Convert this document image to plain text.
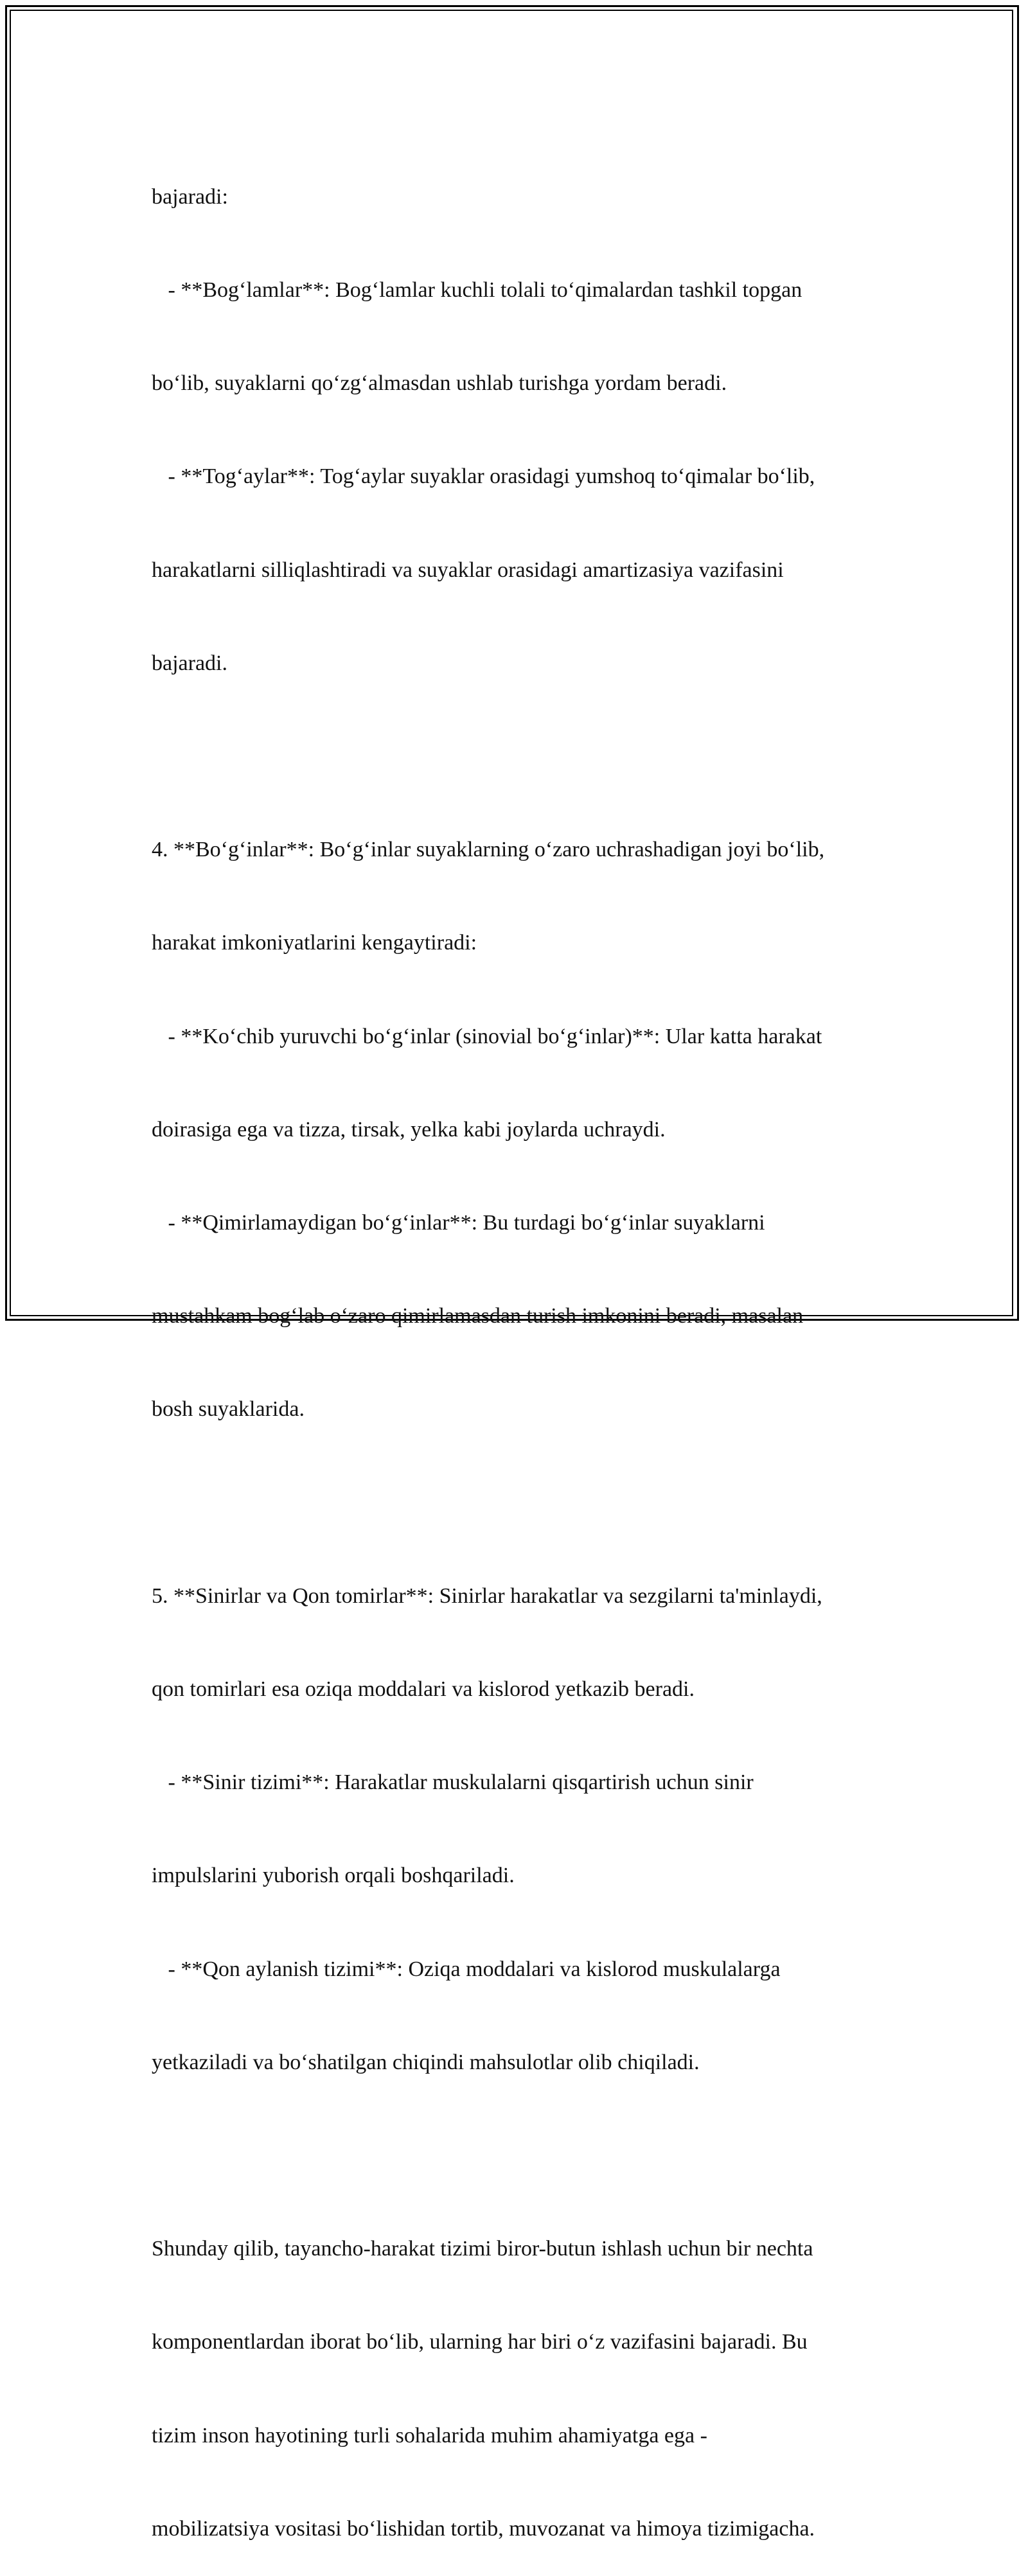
bajaradi:

- **Bog‘lamlar**: Bog‘lamlar kuchli tolali to‘qimalardan tashkil topgan

bo‘lib, suyaklarni qo‘zg‘almasdan ushlab turishga yordam beradi.

- **Tog‘aylar**: Tog‘aylar suyaklar orasidagi yumshoq to‘qimalar bo‘lib,

harakatlarni silliqlashtiradi va suyaklar orasidagi amartizasiya vazifasini

bajaradi.

4. **Bo‘g‘inlar**: Bo‘g‘inlar suyaklarning o‘zaro uchrashadigan joyi bo‘lib,

harakat imkoniyatlarini kengaytiradi:

- **Ko‘chib yuruvchi bo‘g‘inlar (sinovial bo‘g‘inlar)**: Ular katta harakat

doirasiga ega va tizza, tirsak, yelka kabi joylarda uchraydi.

- **Qimirlamaydigan bo‘g‘inlar**: Bu turdagi bo‘g‘inlar suyaklarni

mustahkam bog‘lab o‘zaro qimirlamasdan turish imkonini beradi, masalan

bosh suyaklarida.

5. **Sinirlar va Qon tomirlar**: Sinirlar harakatlar va sezgilarni ta'minlaydi,

qon tomirlari esa oziqa moddalari va kislorod yetkazib beradi.

- **Sinir tizimi**: Harakatlar muskulalarni qisqartirish uchun sinir

impulslarini yuborish orqali boshqariladi.

- **Qon aylanish tizimi**: Oziqa moddalari va kislorod muskulalarga

yetkaziladi va bo‘shatilgan chiqindi mahsulotlar olib chiqiladi.

Shunday qilib, tayancho-harakat tizimi biror-butun ishlash uchun bir nechta

komponentlardan iborat bo‘lib, ularning har biri o‘z vazifasini bajaradi. Bu

tizim inson hayotining turli sohalarida muhim ahamiyatga ega -

mobilizatsiya vositasi bo‘lishidan tortib, muvozanat va himoya tizimigacha.
